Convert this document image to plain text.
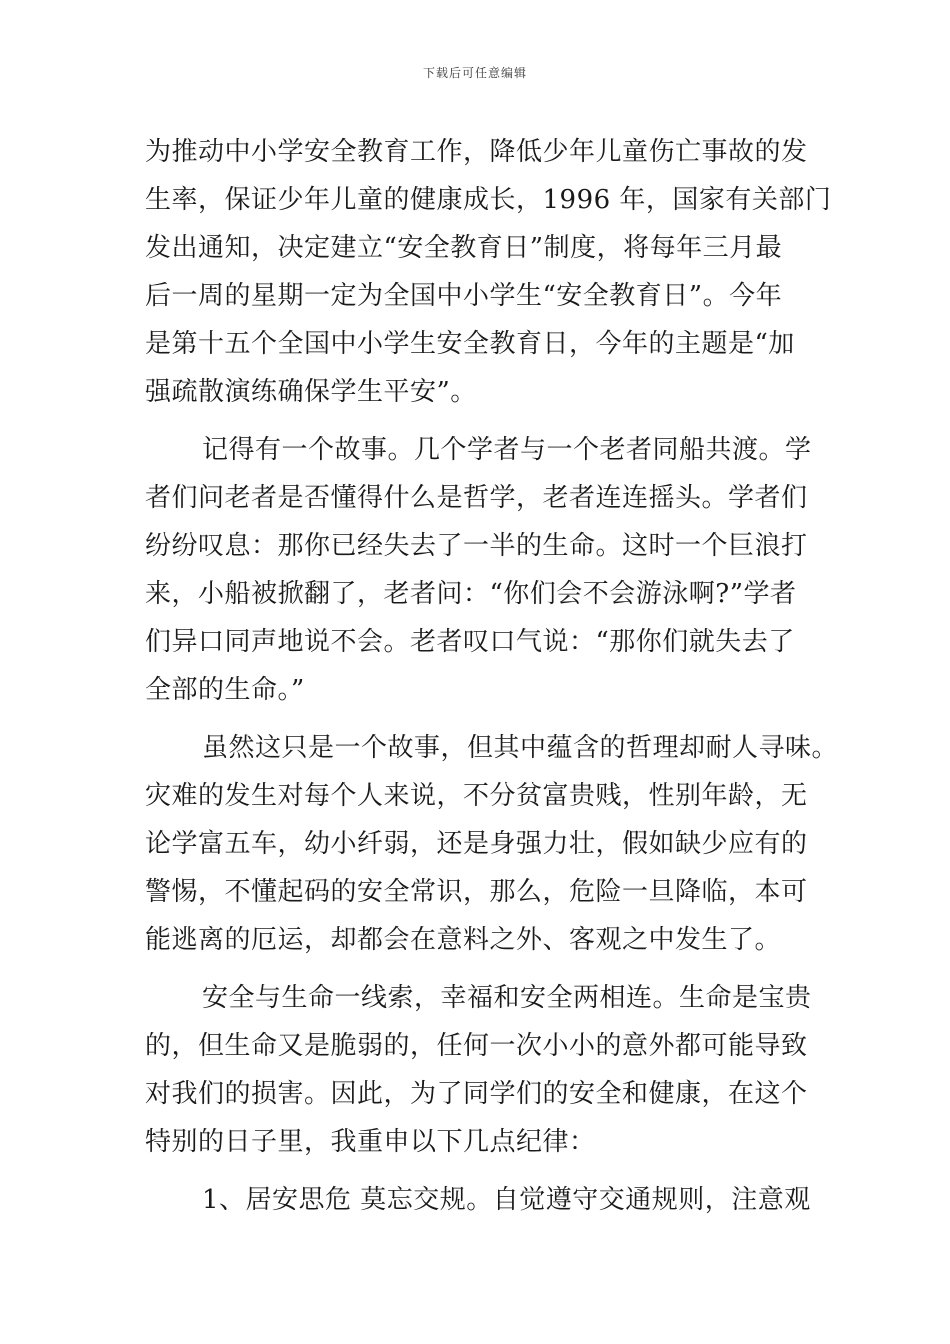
下载后可任意编辑
为推动中小学安全教育工作，降低少年儿童伤亡事故的发
生率，保证少年儿童的健康成长，1996 年，国家有关部门
发出通知，决定建立“安全教育日”制度，将每年三月最
后一周的星期一定为全国中小学生“安全教育日”。今年
是第十五个全国中小学生安全教育日，今年的主题是“加
强疏散演练确保学生平安”。
记得有一个故事。几个学者与一个老者同船共渡。学
者们问老者是否懂得什么是哲学，老者连连摇头。学者们
纷纷叹息：那你已经失去了一半的生命。这时一个巨浪打
来，小船被掀翻了，老者问：“你们会不会游泳啊?”学者
们异口同声地说不会。老者叹口气说：“那你们就失去了
全部的生命。”
虽然这只是一个故事，但其中蕴含的哲理却耐人寻味。
灾难的发生对每个人来说，不分贫富贵贱，性别年龄，无
论学富五车，幼小纤弱，还是身强力壮，假如缺少应有的
警惕，不懂起码的安全常识，那么，危险一旦降临，本可
能逃离的厄运，却都会在意料之外、客观之中发生了。
安全与生命一线索，幸福和安全两相连。生命是宝贵
的，但生命又是脆弱的，任何一次小小的意外都可能导致
对我们的损害。因此，为了同学们的安全和健康，在这个
特别的日子里，我重申以下几点纪律：
1、居安思危 莫忘交规。自觉遵守交通规则，注意观
